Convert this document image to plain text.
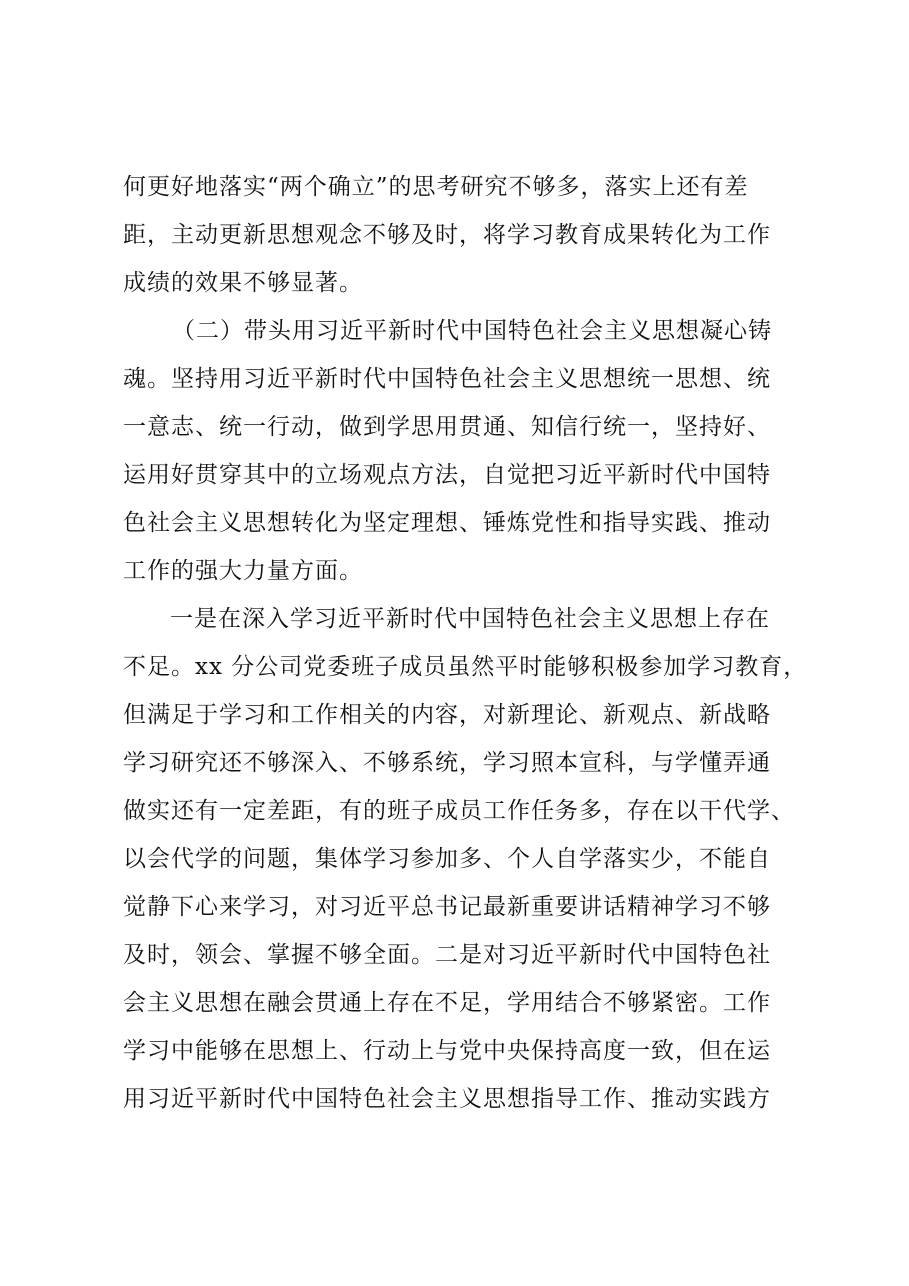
何更好地落实“两个确立”的思考研究不够多，落实上还有差
距，主动更新思想观念不够及时，将学习教育成果转化为工作
成绩的效果不够显著。
（二）带头用习近平新时代中国特色社会主义思想凝心铸
魂。坚持用习近平新时代中国特色社会主义思想统一思想、统
一意志、统一行动，做到学思用贯通、知信行统一，坚持好、
运用好贯穿其中的立场观点方法，自觉把习近平新时代中国特
色社会主义思想转化为坚定理想、锤炼党性和指导实践、推动
工作的强大力量方面。
一是在深入学习近平新时代中国特色社会主义思想上存在
不足。xx 分公司党委班子成员虽然平时能够积极参加学习教育，
但满足于学习和工作相关的内容，对新理论、新观点、新战略
学习研究还不够深入、不够系统，学习照本宣科，与学懂弄通
做实还有一定差距，有的班子成员工作任务多，存在以干代学、
以会代学的问题，集体学习参加多、个人自学落实少，不能自
觉静下心来学习，对习近平总书记最新重要讲话精神学习不够
及时，领会、掌握不够全面。二是对习近平新时代中国特色社
会主义思想在融会贯通上存在不足，学用结合不够紧密。工作
学习中能够在思想上、行动上与党中央保持高度一致，但在运
用习近平新时代中国特色社会主义思想指导工作、推动实践方
